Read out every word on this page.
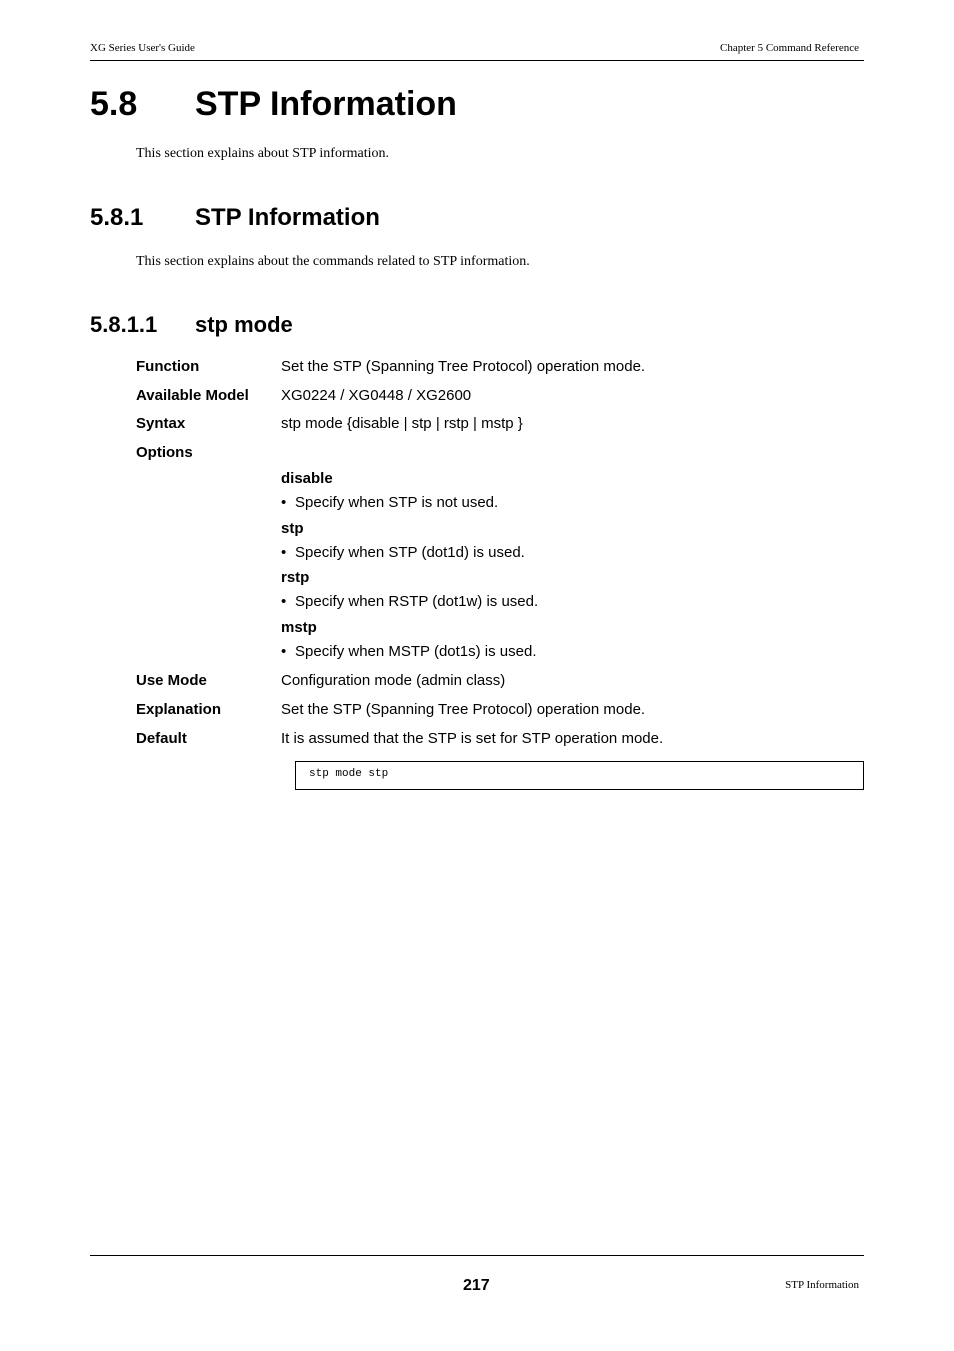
XG Series User's Guide	Chapter 5 Command Reference
5.8 STP Information

This section explains about STP information.

5.8.1 STP Information

This section explains about the commands related to STP information.

5.8.1.1 stp mode
Function	Set the STP (Spanning Tree Protocol) operation mode.
Available Model XG0224 / XG0448 / XG2600
Syntax	stp mode {disable | stp | rstp | mstp }
Options
disable
• Specify when STP is not used.
stp
• Specify when STP (dot1d) is used.
rstp
• Specify when RSTP (dot1w) is used.
mstp
• Specify when MSTP (dot1s) is used.
Use Mode	Configuration mode (admin class)
Explanation	Set the STP (Spanning Tree Protocol) operation mode.
Default	It is assumed that the STP is set for STP operation mode.
stp mode stp
217	STP Information
